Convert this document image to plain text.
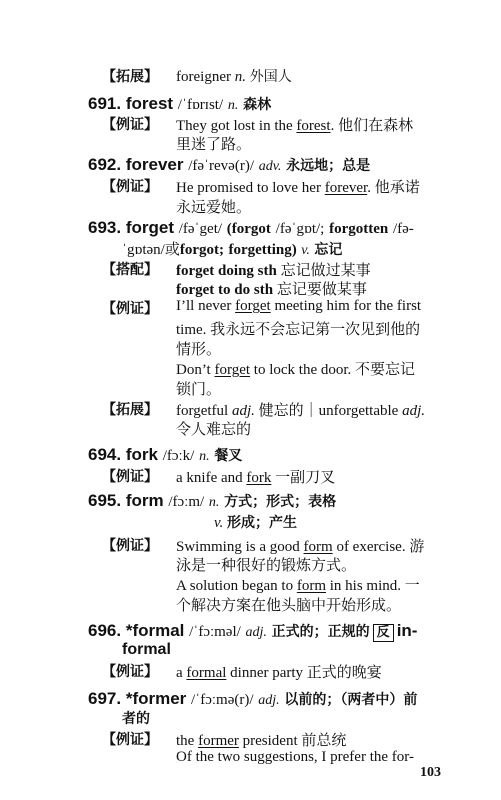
【拓展】 foreigner n. 外国人
691. forest /ˈfɒrɪst/ n. 森林
【例证】 They got lost in the forest. 他们在森林
里迷了路。
692. forever /fəˈrevə(r)/ adv. 永远地；总是
【例证】 He promised to love her forever. 他承诺
永远爱她。
693. forget /fəˈget/ (forgot /fəˈgɒt/; forgotten /fə-
ˈgɒtən/或forgot; forgetting) v. 忘记
【搭配】 forget doing sth 忘记做过某事
forget to do sth 忘记要做某事
【例证】 I’ll never forget meeting him for the first
time. 我永远不会忘记第一次见到他的
情形。
Don’t forget to lock the door. 不要忘记
锁门。
【拓展】 forgetful adj. 健忘的｜unforgettable adj.
令人难忘的
694. fork /fɔːk/ n. 餐叉
【例证】 a knife and fork 一副刀叉
695. form /fɔːm/ n. 方式；形式；表格
v. 形成；产生
【例证】 Swimming is a good form of exercise. 游
泳是一种很好的锻炼方式。
A solution began to form in his mind. 一
个解决方案在他头脑中开始形成。
696. *formal /ˈfɔːməl/ adj. 正式的；正规的 反 in-
formal
【例证】 a formal dinner party 正式的晚宴
697. *former /ˈfɔːmə(r)/ adj. 以前的；（两者中）前
者的
【例证】 the former president 前总统
Of the two suggestions, I prefer the for-
103
